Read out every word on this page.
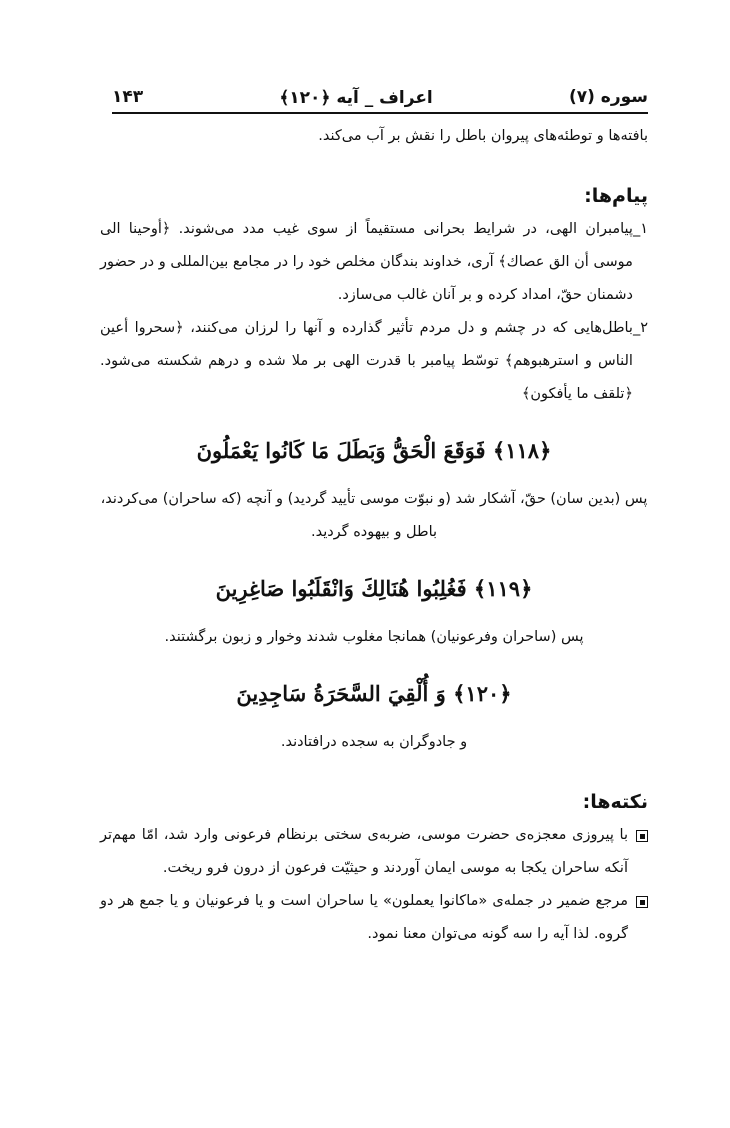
سوره (۷)
اعراف _ آیه ﴿۱۲۰﴾
۱۴۳

بافته‌ها و توطئه‌های پیروان باطل را نقش بر آب می‌کند.

پیام‌ها:

۱_

پیامبران الهی، در شرایط بحرانی مستقیماً از سوی غیب مدد می‌شوند. ﴿أوحینا الی موسی أن الق عصاك﴾ آری، خداوند بندگان مخلص خود را در مجامع بین‌المللی و در حضور دشمنان حقّ، امداد کرده و بر آنان غالب می‌سازد.

۲_

باطل‌هایی که در چشم و دل مردم تأثیر گذارده و آنها را لرزان می‌کنند، ﴿سحروا أعین الناس و استرهبوهم﴾ توسّط پیامبر با قدرت الهی بر ملا شده و درهم شکسته می‌شود. ﴿تلقف ما یأفکون﴾

﴿۱۱۸﴾ فَوَقَعَ الْحَقُّ وَبَطَلَ مَا كَانُوا يَعْمَلُونَ

پس (بدین سان) حقّ، آشکار شد (و نبوّت موسی تأیید گردید) و آنچه (که ساحران) می‌کردند، باطل و بیهوده گردید.

﴿۱۱۹﴾ فَغُلِبُوا هُنَالِكَ وَانْقَلَبُوا صَاغِرِينَ

پس (ساحران وفرعونیان) همانجا مغلوب شدند وخوار و زبون برگشتند.

﴿۱۲۰﴾ وَ أُلْقِيَ السَّحَرَةُ سَاجِدِينَ

و جادوگران به سجده درافتادند.

نکته‌ها:

با پیروزی معجزه‌ی حضرت موسی، ضربه‌ی سختی برنظام فرعونی وارد شد، امّا مهم‌تر آنکه ساحران یکجا به موسی ایمان آوردند و حیثیّت فرعون از درون فرو ریخت.

مرجع ضمیر در جمله‌ی «ماکانوا یعملون» یا ساحران است و یا فرعونیان و یا جمع هر دو گروه. لذا آیه را سه گونه می‌توان معنا نمود.
